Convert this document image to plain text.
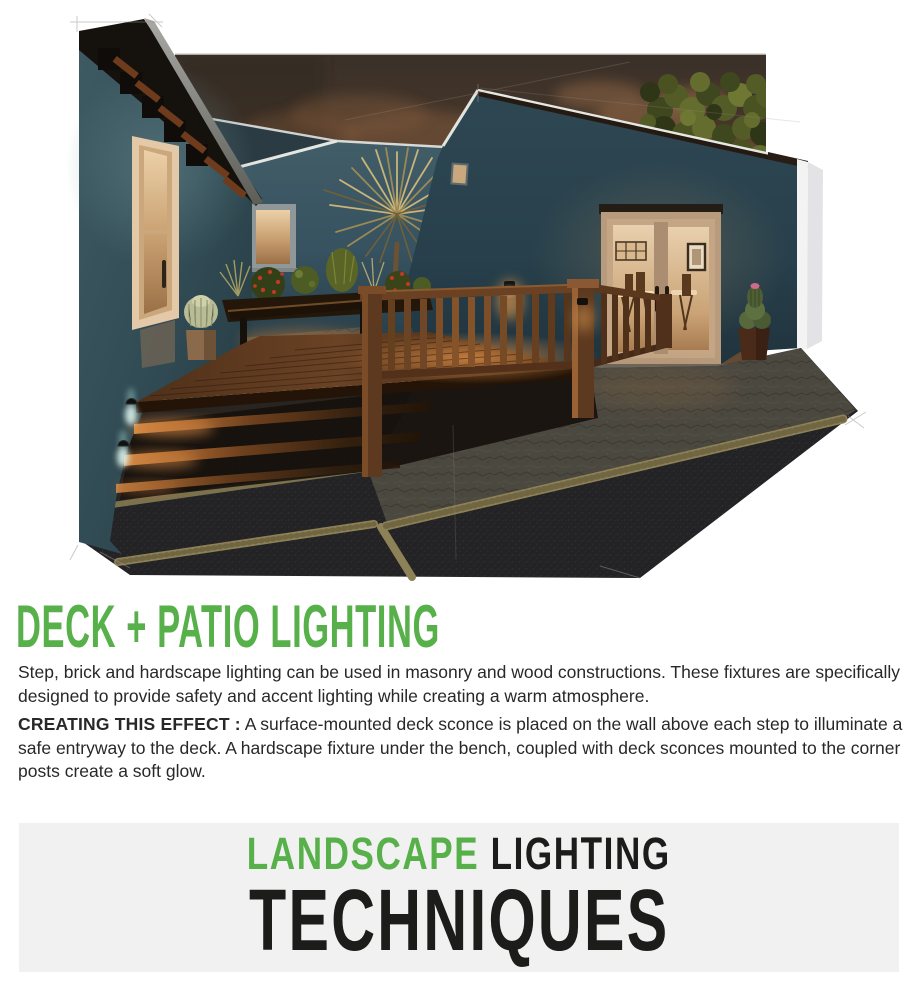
DECK + PATIO LIGHTING

Step, brick and hardscape lighting can be used in masonry and wood constructions. These fixtures are specifically designed to provide safety and accent lighting while creating a warm atmosphere.

CREATING THIS EFFECT : A surface-mounted deck sconce is placed on the wall above each step to illuminate a safe entryway to the deck. A hardscape fixture under the bench, coupled with deck sconces mounted to the corner posts create a soft glow.

LANDSCAPE LIGHTING
TECHNIQUES
